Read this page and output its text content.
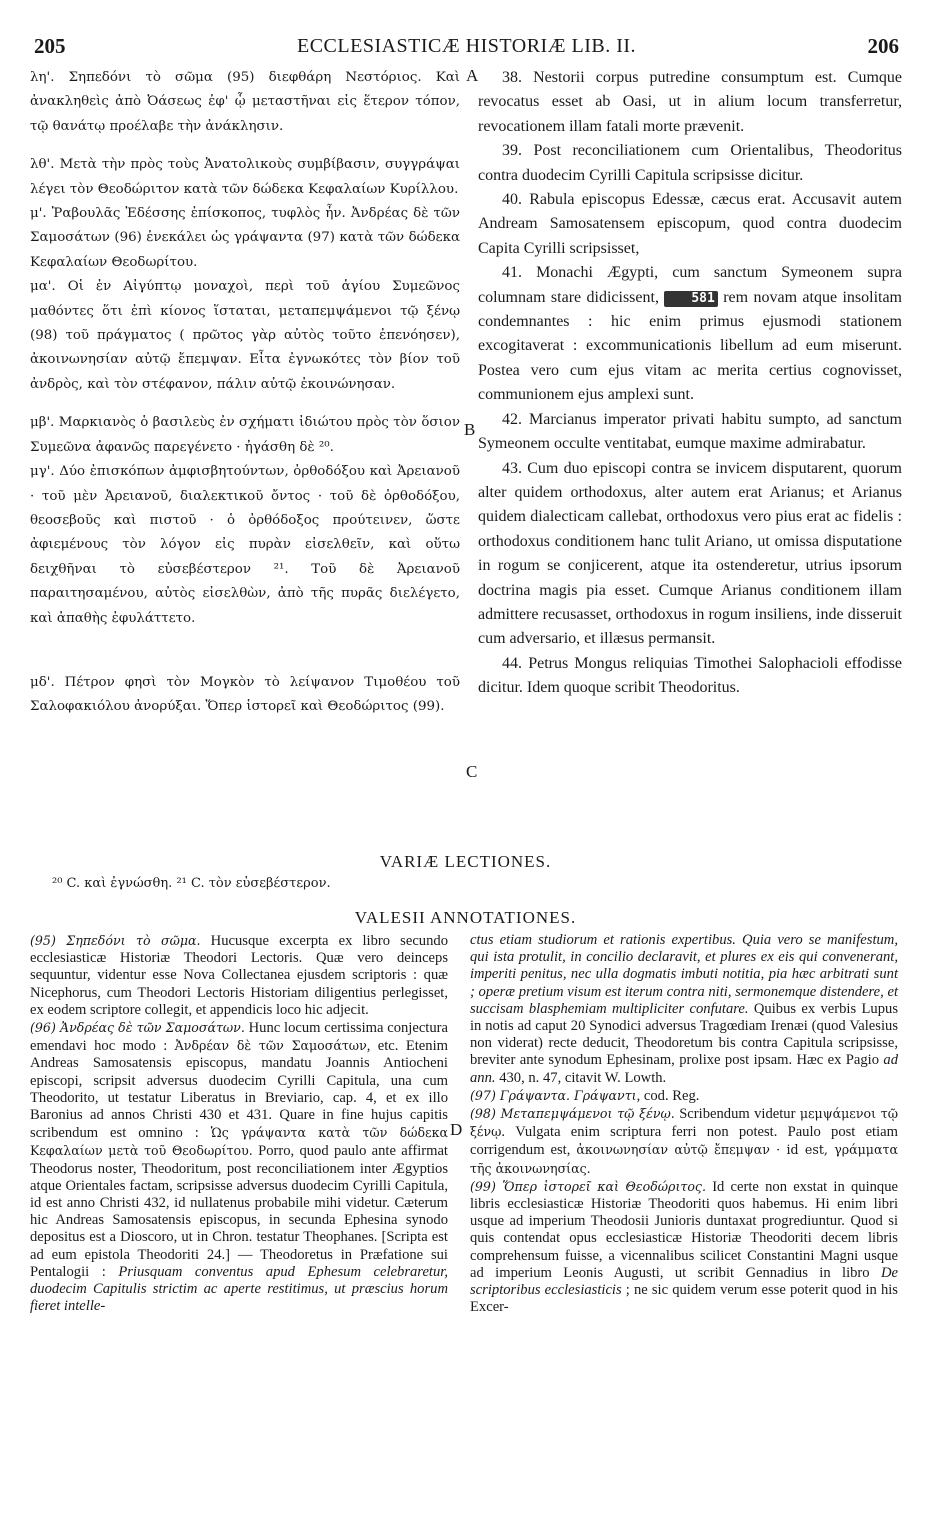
205	ECCLESIASTICÆ HISTORIÆ LIB. II.	206

λη'. Σηπεδόνι τὸ σῶμα (95) διεφθάρη Νεστόριος. Καὶ ἀνακληθεὶς ἀπὸ Ὀάσεως ἐφ' ᾧ μεταστῆναι εἰς ἕτερον τόπον, τῷ θανάτῳ προέλαβε τὴν ἀνάκλησιν.

λθ'. Μετὰ τὴν πρὸς τοὺς Ἀνατολικοὺς συμβίβασιν, συγγράψαι λέγει τὸν Θεοδώριτον κατὰ τῶν δώδεκα Κεφαλαίων Κυρίλλου.

μ'. Ῥαβουλᾶς Ἐδέσσης ἐπίσκοπος, τυφλὸς ἦν. Ἀνδρέας δὲ τῶν Σαμοσάτων (96) ἐνεκάλει ὡς γράψαντα (97) κατὰ τῶν δώδεκα Κεφαλαίων Θεοδωρίτου.

μα'. Οἱ ἐν Αἰγύπτῳ μοναχοὶ, περὶ τοῦ ἁγίου Συμεῶνος μαθόντες ὅτι ἐπὶ κίονος ἵσταται, μεταπεμψάμενοι τῷ ξένῳ (98) τοῦ πράγματος ( πρῶτος γὰρ αὐτὸς τοῦτο ἐπενόησεν), ἀκοινωνησίαν αὐτῷ ἔπεμψαν. Εἶτα ἐγνωκότες τὸν βίον τοῦ ἀνδρὸς, καὶ τὸν στέφανον, πάλιν αὐτῷ ἐκοινώνησαν.

μβ'. Μαρκιανὸς ὁ βασιλεὺς ἐν σχήματι ἰδιώτου πρὸς τὸν ὅσιον Συμεῶνα ἀφανῶς παρεγένετο · ἠγάσθη δὲ ²⁰.

μγ'. Δύο ἐπισκόπων ἀμφισβητούντων, ὀρθοδόξου καὶ Ἀρειανοῦ · τοῦ μὲν Ἀρειανοῦ, διαλεκτικοῦ ὄντος · τοῦ δὲ ὀρθοδόξου, θεοσεβοῦς καὶ πιστοῦ · ὁ ὀρθόδοξος προύτεινεν, ὥστε ἀφιεμένους τὸν λόγον εἰς πυρὰν εἰσελθεῖν, καὶ οὕτω δειχθῆναι τὸ εὐσεβέστερον ²¹. Τοῦ δὲ Ἀρειανοῦ παραιτησαμένου, αὐτὸς εἰσελθὼν, ἀπὸ τῆς πυρᾶς διελέγετο, καὶ ἀπαθὴς ἐφυλάττετο.

μδ'. Πέτρον φησὶ τὸν Μογκὸν τὸ λείψανον Τιμοθέου τοῦ Σαλοφακιόλου ἀνορύξαι. Ὅπερ ἱστορεῖ καὶ Θεοδώριτος (99).

A
B
C

38. Nestorii corpus putredine consumptum est. Cumque revocatus esset ab Oasi, ut in alium locum transferretur, revocationem illam fatali morte prævenit.

39. Post reconciliationem cum Orientalibus, Theodoritus contra duodecim Cyrilli Capitula scripsisse dicitur.

40. Rabula episcopus Edessæ, cæcus erat. Accusavit autem Andream Samosatensem episcopum, quod contra duodecim Capita Cyrilli scripsisset,

41. Monachi Ægypti, cum sanctum Symeonem supra columnam stare didicissent, 581 rem novam atque insolitam condemnantes : hic enim primus ejusmodi stationem excogitaverat : excommunicationis libellum ad eum miserunt. Postea vero cum ejus vitam ac merita certius cognovisset, communionem ejus amplexi sunt.

42. Marcianus imperator privati habitu sumpto, ad sanctum Symeonem occulte ventitabat, eumque maxime admirabatur.

43. Cum duo episcopi contra se invicem disputarent, quorum alter quidem orthodoxus, alter autem erat Arianus; et Arianus quidem dialecticam callebat, orthodoxus vero pius erat ac fidelis : orthodoxus conditionem hanc tulit Ariano, ut omissa disputatione in rogum se conjicerent, atque ita ostenderetur, utrius ipsorum doctrina magis pia esset. Cumque Arianus conditionem illam admittere recusasset, orthodoxus in rogum insiliens, inde disseruit cum adversario, et illæsus permansit.

44. Petrus Mongus reliquias Timothei Salophacioli effodisse dicitur. Idem quoque scribit Theodoritus.

VARIÆ LECTIONES.
²⁰ C. καὶ ἐγνώσθη. ²¹ C. τὸν εὐσεβέστερον.
VALESII ANNOTATIONES.

(95) Σηπεδόνι τὸ σῶμα. Hucusque excerpta ex libro secundo ecclesiasticæ Historiæ Theodori Lectoris. Quæ vero deinceps sequuntur, videntur esse Nova Collectanea ejusdem scriptoris : quæ Nicephorus, cum Theodori Lectoris Historiam diligentius perlegisset, ex eodem scriptore collegit, et appendicis loco hic adjecit.

(96) Ἀνδρέας δὲ τῶν Σαμοσάτων. Hunc locum certissima conjectura emendavi hoc modo : Ἀνδρέαν δὲ τῶν Σαμοσάτων, etc. Etenim Andreas Samosatensis episcopus, mandatu Joannis Antiocheni episcopi, scripsit adversus duodecim Cyrilli Capitula, una cum Theodorito, ut testatur Liberatus in Breviario, cap. 4, et ex illo Baronius ad annos Christi 430 et 431. Quare in fine hujus capitis scribendum est omnino : Ὡς γράψαντα κατὰ τῶν δώδεκα Κεφαλαίων μετὰ τοῦ Θεοδωρίτου. Porro, quod paulo ante affirmat Theodorus noster, Theodoritum, post reconciliationem inter Ægyptios atque Orientales factam, scripsisse adversus duodecim Cyrilli Capitula, id est anno Christi 432, id nullatenus probabile mihi videtur. Cæterum hic Andreas Samosatensis episcopus, in secunda Ephesina synodo depositus est a Dioscoro, ut in Chron. testatur Theophanes. [Scripta est ad eum epistola Theodoriti 24.] — Theodoretus in Præfatione sui Pentalogii : Priusquam conventus apud Ephesum celebraretur, duodecim Capitulis strictim ac aperte restitimus, ut præscius horum fieret intelle-

D

ctus etiam studiorum et rationis expertibus. Quia vero se manifestum, qui ista protulit, in concilio declaravit, et plures ex eis qui convenerant, imperiti penitus, nec ulla dogmatis imbuti notitia, pia hæc arbitrati sunt ; operæ pretium visum est iterum contra niti, sermonemque distendere, et succisam blasphemiam multipliciter confutare. Quibus ex verbis Lupus in notis ad caput 20 Synodici adversus Tragœdiam Irenæi (quod Valesius non viderat) recte deducit, Theodoretum bis contra Capitula scripsisse, breviter ante synodum Ephesinam, prolixe post ipsam. Hæc ex Pagio ad ann. 430, n. 47, citavit W. Lowth.

(97) Γράψαντα. Γράψαντι, cod. Reg.

(98) Μεταπεμψάμενοι τῷ ξένῳ. Scribendum videtur μεμψάμενοι τῷ ξένῳ. Vulgata enim scriptura ferri non potest. Paulo post etiam corrigendum est, ἀκοινωνησίαν αὐτῷ ἔπεμψαν · id est, γράμματα τῆς ἀκοινωνησίας.

(99) Ὅπερ ἱστορεῖ καὶ Θεοδώριτος. Id certe non exstat in quinque libris ecclesiasticæ Historiæ Theodoriti quos habemus. Hi enim libri usque ad imperium Theodosii Junioris duntaxat progrediuntur. Quod si quis contendat opus ecclesiasticæ Historiæ Theodoriti decem libris comprehensum fuisse, a vicennalibus scilicet Constantini Magni usque ad imperium Leonis Augusti, ut scribit Gennadius in libro De scriptoribus ecclesiasticis ; ne sic quidem verum esse poterit quod in his Excer-
